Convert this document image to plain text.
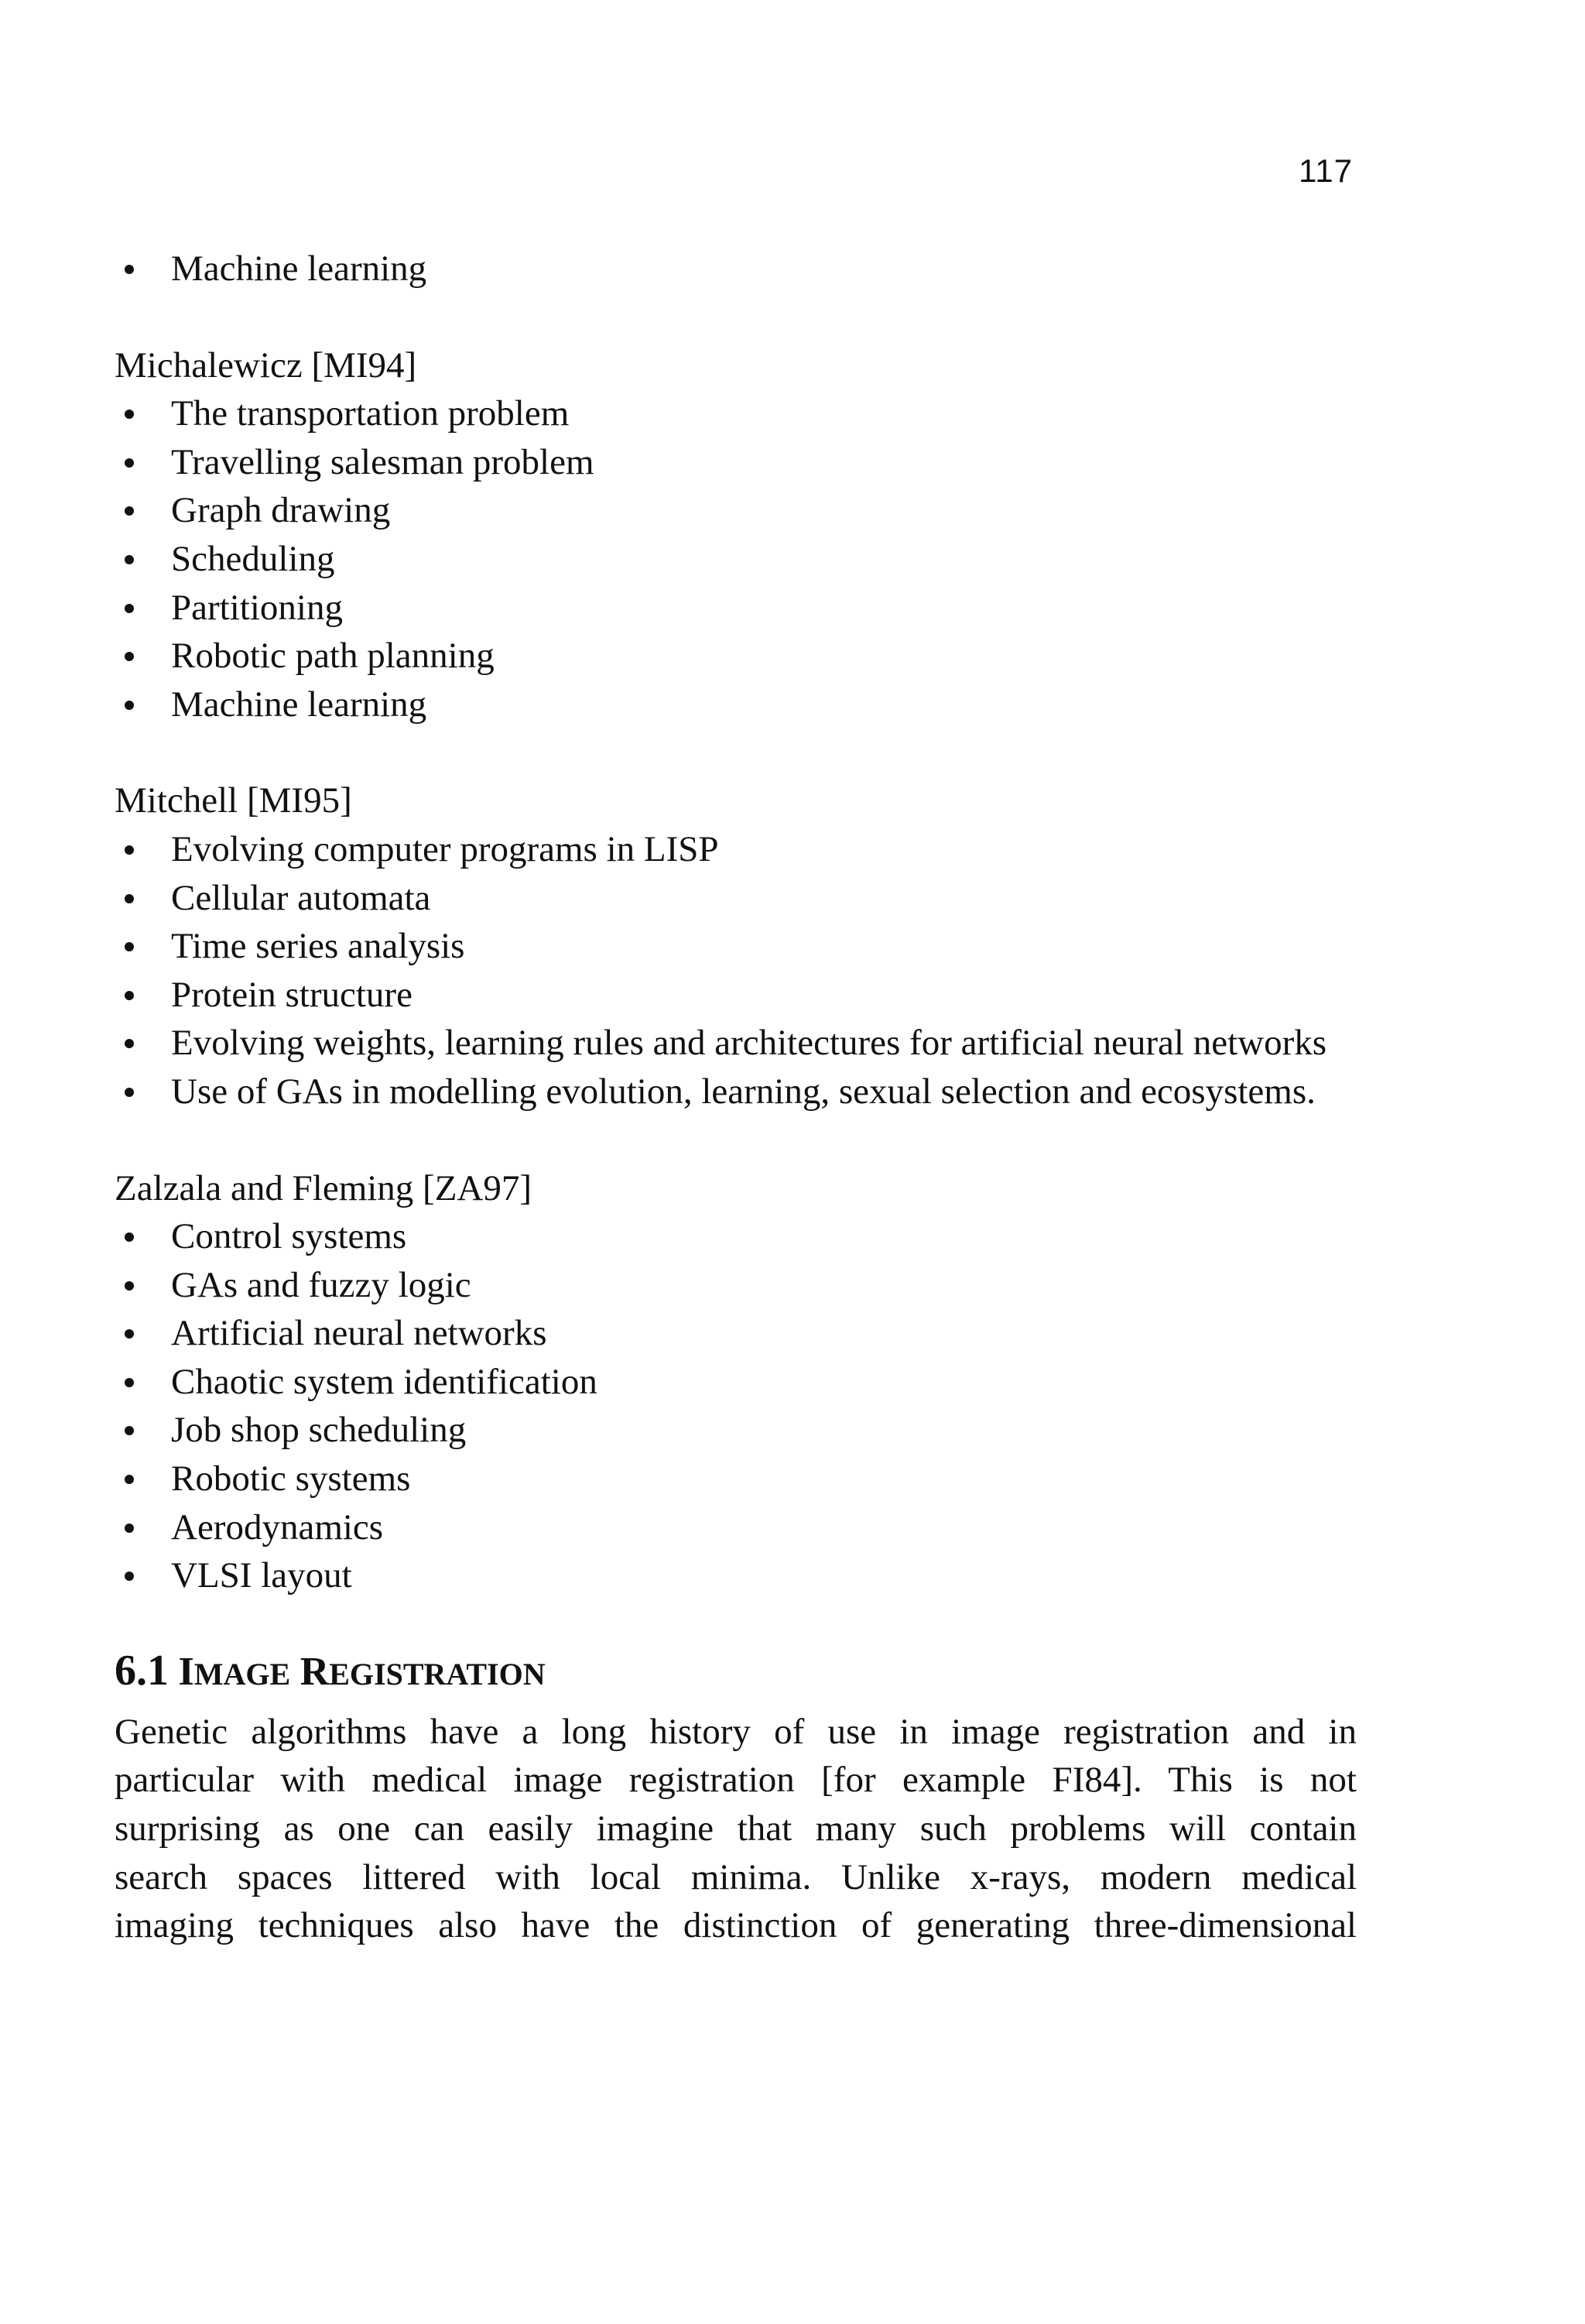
117
Machine learning

Michalewicz [MI94]

The transportation problem
Travelling salesman problem
Graph drawing
Scheduling
Partitioning
Robotic path planning
Machine learning

Mitchell [MI95]

Evolving computer programs in LISP
Cellular automata
Time series analysis
Protein structure
Evolving weights, learning rules and architectures for artificial neural networks
Use of GAs in modelling evolution, learning, sexual selection and ecosystems.

Zalzala and Fleming [ZA97]

Control systems
GAs and fuzzy logic
Artificial neural networks
Chaotic system identification
Job shop scheduling
Robotic systems
Aerodynamics
VLSI layout
6.1 IMAGE REGISTRATION

Genetic algorithms have a long history of use in image registration and in
particular with medical image registration [for example FI84]. This is not
surprising as one can easily imagine that many such problems will contain
search spaces littered with local minima. Unlike x-rays, modern medical
imaging techniques also have the distinction of generating three-dimensional
